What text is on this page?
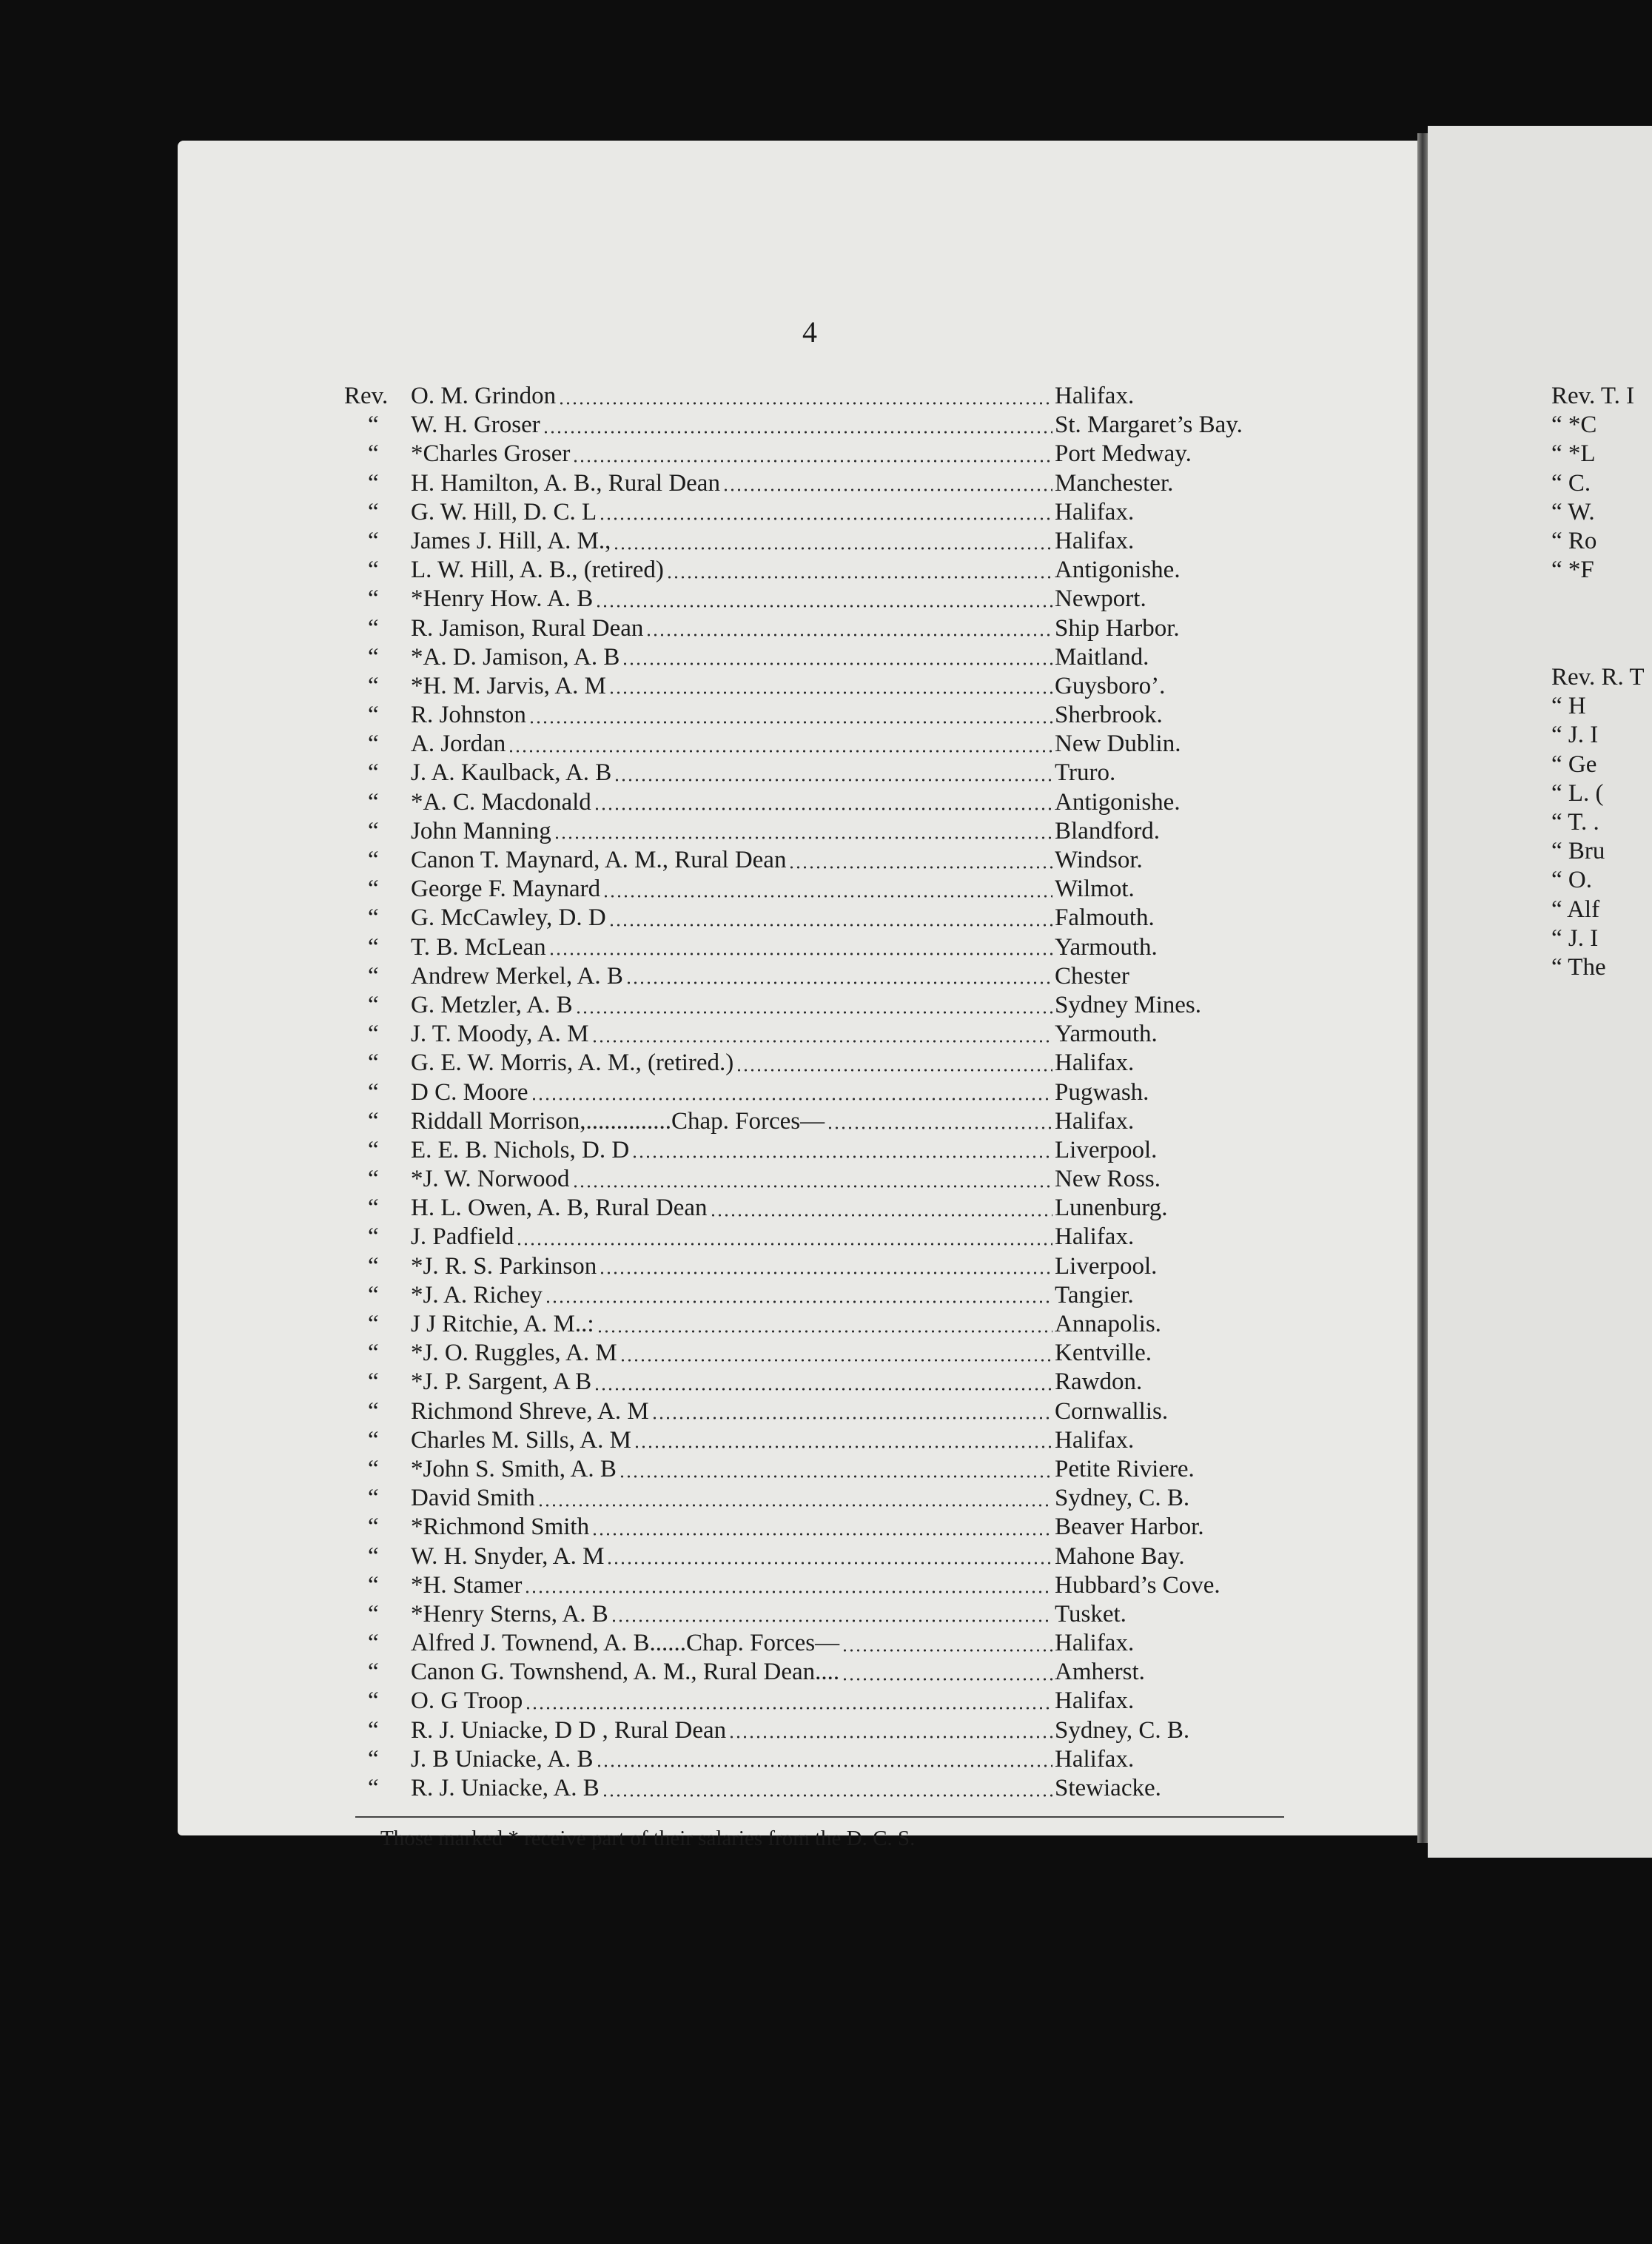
4
Rev. O. M. Grindon	Halifax.
“	W. H. Groser	St. Margaret’s Bay.
“	*Charles Groser	Port Medway.
“	H. Hamilton, A. B., Rural Dean	Manchester.
“	G. W. Hill, D. C. L	Halifax.
“	James J. Hill, A. M.,	Halifax.
“	L. W. Hill, A. B., (retired)	Antigonishe.
“	*Henry How. A. B	Newport.
“	R. Jamison, Rural Dean	Ship Harbor.
“	*A. D. Jamison, A. B	Maitland.
“	*H. M. Jarvis, A. M	Guysboro’.
“	R. Johnston	Sherbrook.
“	A. Jordan	New Dublin.
“	J. A. Kaulback, A. B	Truro.
“	*A. C. Macdonald	Antigonishe.
“	John Manning	Blandford.
“	Canon T. Maynard, A. M., Rural Dean	Windsor.
“	George F. Maynard	Wilmot.
“	G. McCawley, D. D	Falmouth.
“	T. B. McLean	Yarmouth.
“	Andrew Merkel, A. B	Chester
“	G. Metzler, A. B	Sydney Mines.
“	J. T. Moody, A. M	Yarmouth.
“	G. E. W. Morris, A. M., (retired.)	Halifax.
“	D C. Moore	Pugwash.
“	Riddall Morrison,..............Chap. Forces—	Halifax.
“	E. E. B. Nichols, D. D	Liverpool.
“	*J. W. Norwood	New Ross.
“	H. L. Owen, A. B, Rural Dean	Lunenburg.
“	J. Padfield	Halifax.
“	*J. R. S. Parkinson	Liverpool.
“	*J. A. Richey	Tangier.
“	J J Ritchie, A. M..:	Annapolis.
“	*J. O. Ruggles, A. M	Kentville.
“	*J. P. Sargent, A B	Rawdon.
“	Richmond Shreve, A. M	Cornwallis.
“	Charles M. Sills, A. M	Halifax.
“	*John S. Smith, A. B	Petite Riviere.
“	David Smith	Sydney, C. B.
“	*Richmond Smith	Beaver Harbor.
“	W. H. Snyder, A. M	Mahone Bay.
“	*H. Stamer	Hubbard’s Cove.
“	*Henry Sterns, A. B	Tusket.
“	Alfred J. Townend, A. B......Chap. Forces—	Halifax.
“	Canon G. Townshend, A. M., Rural Dean....	Amherst.
“	O. G Troop	Halifax.
“	R. J. Uniacke, D D , Rural Dean	Sydney, C. B.
“	J. B Uniacke, A. B	Halifax.
“	R. J. Uniacke, A. B	Stewiacke.
Those marked * receive part of their salaries from the D. C. S.
Rev. T. I
“ *C
“ *L
“ C.
“ W.
“ Ro
“ *F
Rev. R. T
“ H
“ J. I
“ Ge
“ L. (
“ T. .
“ Bru
“ O.
“ Alf
“ J. I
“ The
